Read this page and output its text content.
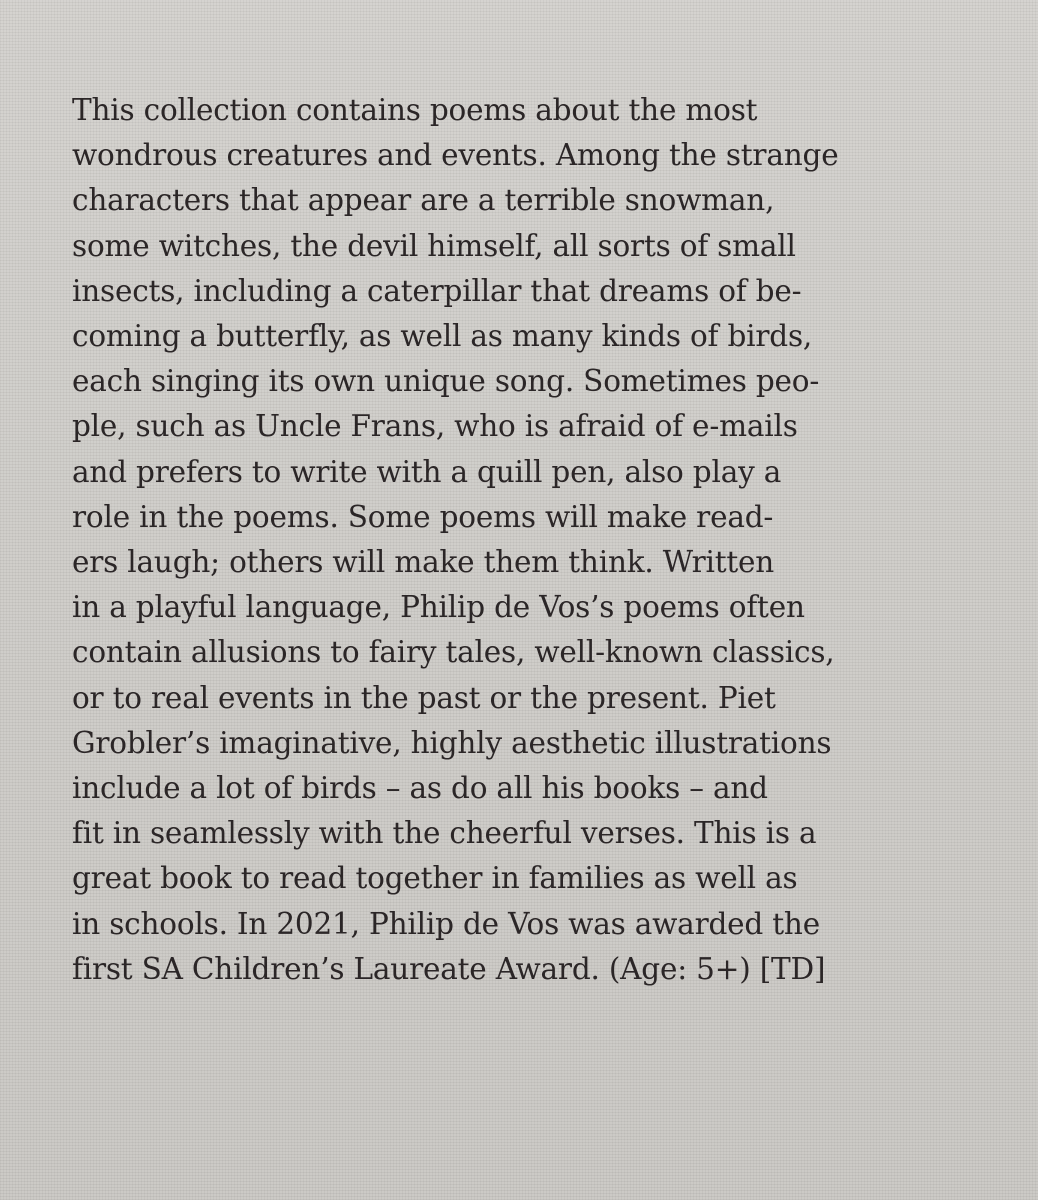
This collection contains poems about the most
wondrous creatures and events. Among the strange
characters that appear are a terrible snowman,
some witches, the devil himself, all sorts of small
insects, including a caterpillar that dreams of be-
coming a butterfly, as well as many kinds of birds,
each singing its own unique song. Sometimes peo-
ple, such as Uncle Frans, who is afraid of e-mails
and prefers to write with a quill pen, also play a
role in the poems. Some poems will make read-
ers laugh; others will make them think. Written
in a playful language, Philip de Vos’s poems often
contain allusions to fairy tales, well-known classics,
or to real events in the past or the present. Piet
Grobler’s imaginative, highly aesthetic illustrations
include a lot of birds – as do all his books – and
fit in seamlessly with the cheerful verses. This is a
great book to read together in families as well as
in schools. In 2021, Philip de Vos was awarded the
first SA Children’s Laureate Award. (Age: 5+) [TD]
